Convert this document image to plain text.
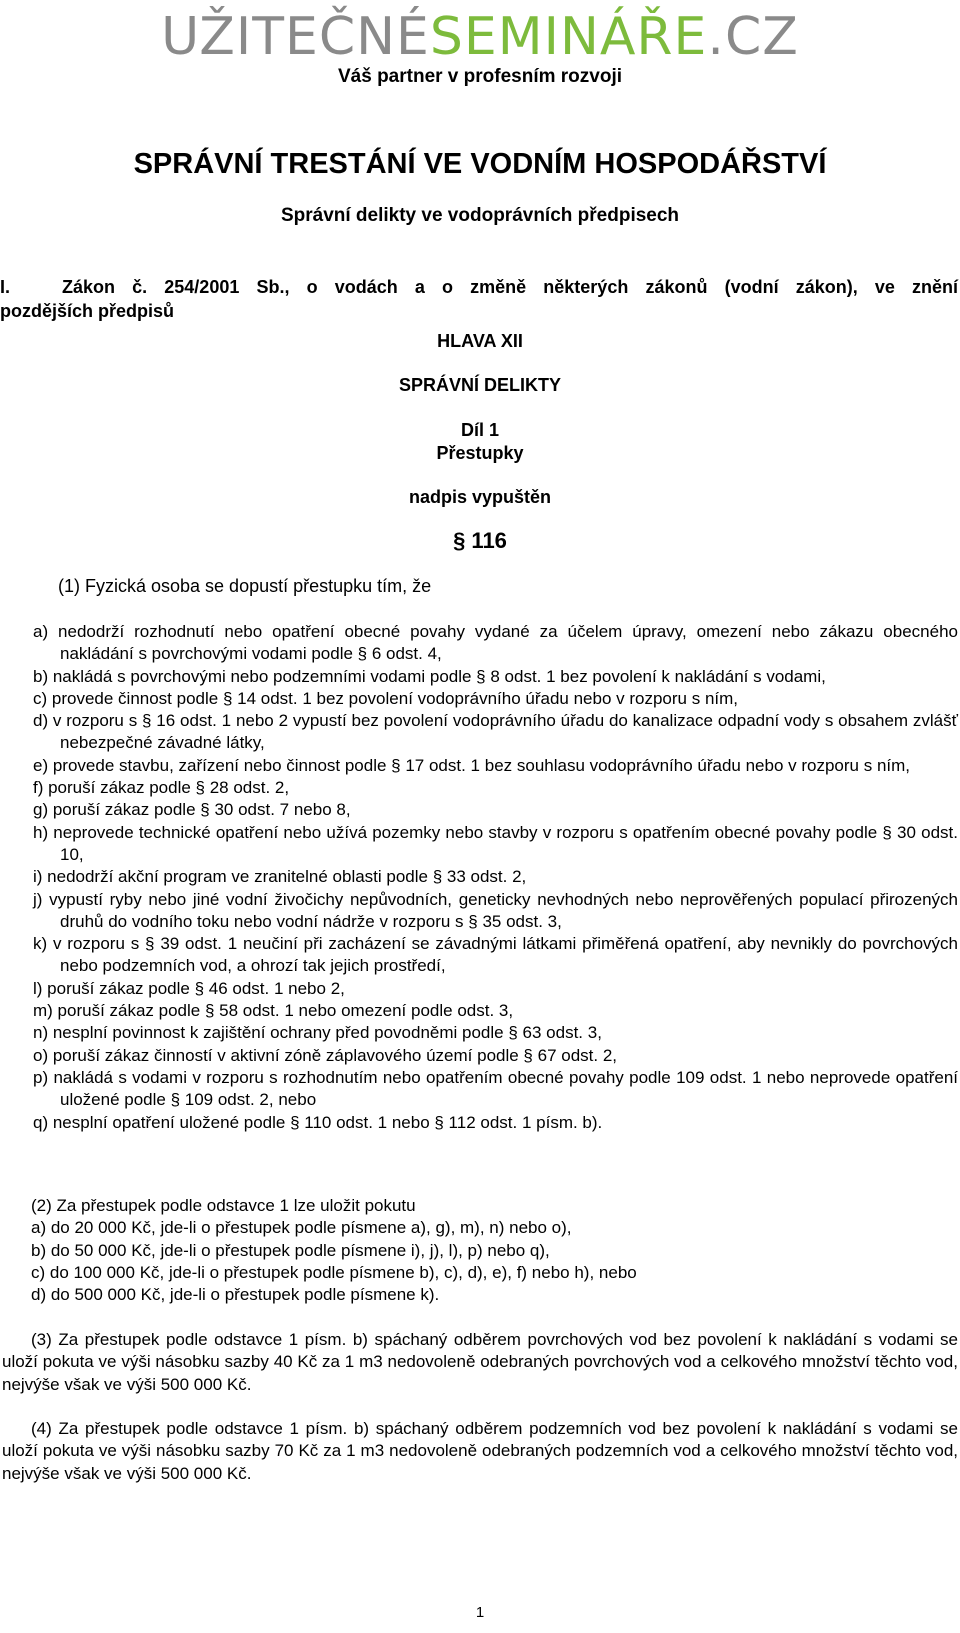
UŽITEČNÉSEMINÁŘE.CZ
Váš partner v profesním rozvoji
SPRÁVNÍ TRESTÁNÍ VE VODNÍM HOSPODÁŘSTVÍ
Správní delikty ve vodoprávních předpisech
I.	Zákon č. 254/2001 Sb., o vodách a o změně některých zákonů (vodní zákon), ve znění
pozdějších předpisů
HLAVA XII
SPRÁVNÍ DELIKTY
Díl 1
Přestupky
nadpis vypuštěn
§ 116
(1) Fyzická osoba se dopustí přestupku tím, že

a) nedodrží rozhodnutí nebo opatření obecné povahy vydané za účelem úpravy, omezení nebo zákazu obecného nakládání s povrchovými vodami podle § 6 odst. 4,

b) nakládá s povrchovými nebo podzemními vodami podle § 8 odst. 1 bez povolení k nakládání s vodami,

c) provede činnost podle § 14 odst. 1 bez povolení vodoprávního úřadu nebo v rozporu s ním,

d) v rozporu s § 16 odst. 1 nebo 2 vypustí bez povolení vodoprávního úřadu do kanalizace odpadní vody s obsahem zvlášť nebezpečné závadné látky,

e) provede stavbu, zařízení nebo činnost podle § 17 odst. 1 bez souhlasu vodoprávního úřadu nebo v rozporu s ním,

f) poruší zákaz podle § 28 odst. 2,

g) poruší zákaz podle § 30 odst. 7 nebo 8,

h) neprovede technické opatření nebo užívá pozemky nebo stavby v rozporu s opatřením obecné povahy podle § 30 odst. 10,

i) nedodrží akční program ve zranitelné oblasti podle § 33 odst. 2,

j) vypustí ryby nebo jiné vodní živočichy nepůvodních, geneticky nevhodných nebo neprověřených populací přirozených druhů do vodního toku nebo vodní nádrže v rozporu s § 35 odst. 3,

k) v rozporu s § 39 odst. 1 neučiní při zacházení se závadnými látkami přiměřená opatření, aby nevnikly do povrchových nebo podzemních vod, a ohrozí tak jejich prostředí,

l) poruší zákaz podle § 46 odst. 1 nebo 2,

m) poruší zákaz podle § 58 odst. 1 nebo omezení podle odst. 3,

n) nesplní povinnost k zajištění ochrany před povodněmi podle § 63 odst. 3,

o) poruší zákaz činností v aktivní zóně záplavového území podle § 67 odst. 2,

p) nakládá s vodami v rozporu s rozhodnutím nebo opatřením obecné povahy podle 109 odst. 1 nebo neprovede opatření uložené podle § 109 odst. 2, nebo

q) nesplní opatření uložené podle § 110 odst. 1 nebo § 112 odst. 1 písm. b).

(2) Za přestupek podle odstavce 1 lze uložit pokutu

a) do 20 000 Kč, jde-li o přestupek podle písmene a), g), m), n) nebo o),

b) do 50 000 Kč, jde-li o přestupek podle písmene i), j), l), p) nebo q),

c) do 100 000 Kč, jde-li o přestupek podle písmene b), c), d), e), f) nebo h), nebo

d) do 500 000 Kč, jde-li o přestupek podle písmene k).

(3) Za přestupek podle odstavce 1 písm. b) spáchaný odběrem povrchových vod bez povolení k nakládání s vodami se uloží pokuta ve výši násobku sazby 40 Kč za 1 m3 nedovoleně odebraných povrchových vod a celkového množství těchto vod, nejvýše však ve výši 500 000 Kč.
(4) Za přestupek podle odstavce 1 písm. b) spáchaný odběrem podzemních vod bez povolení k nakládání s vodami se uloží pokuta ve výši násobku sazby 70 Kč za 1 m3 nedovoleně odebraných podzemních vod a celkového množství těchto vod, nejvýše však ve výši 500 000 Kč.
1
